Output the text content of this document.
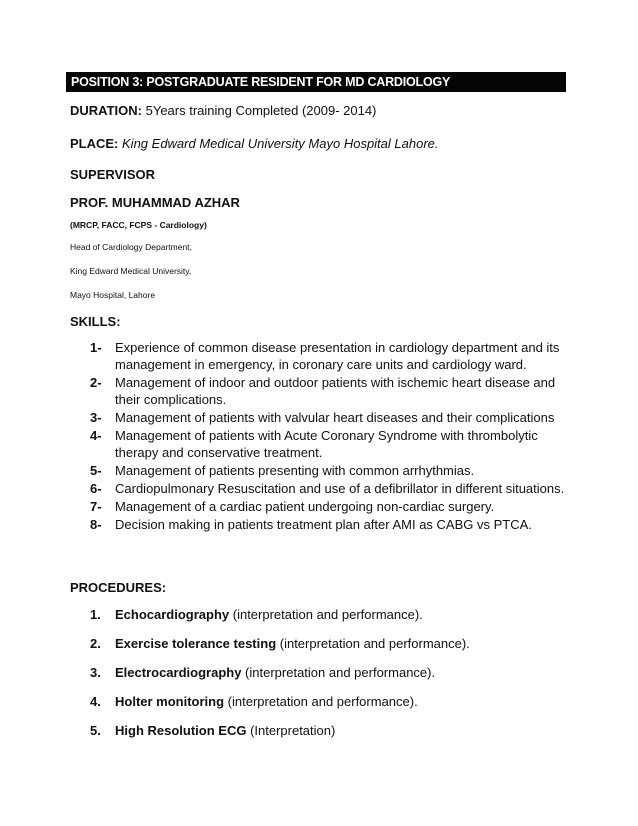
POSITION 3: POSTGRADUATE RESIDENT FOR MD CARDIOLOGY
DURATION: 5Years training Completed (2009- 2014)
PLACE: King Edward Medical University Mayo Hospital Lahore.
SUPERVISOR
PROF. MUHAMMAD AZHAR
(MRCP, FACC, FCPS - Cardiology)
Head of Cardiology Department,
King Edward Medical University,
Mayo Hospital, Lahore
SKILLS:
1- Experience of common disease presentation in cardiology department and its management in emergency, in coronary care units and cardiology ward.
2- Management of indoor and outdoor patients with ischemic heart disease and their complications.
3- Management of patients with valvular heart diseases and their complications
4- Management of patients with Acute Coronary Syndrome with thrombolytic therapy and conservative treatment.
5- Management of patients presenting with common arrhythmias.
6- Cardiopulmonary Resuscitation and use of a defibrillator in different situations.
7- Management of a cardiac patient undergoing non-cardiac surgery.
8- Decision making in patients treatment plan after AMI as CABG vs PTCA.
PROCEDURES:
1. Echocardiography (interpretation and performance).
2. Exercise tolerance testing (interpretation and performance).
3. Electrocardiography (interpretation and performance).
4. Holter monitoring (interpretation and performance).
5. High Resolution ECG (Interpretation)
